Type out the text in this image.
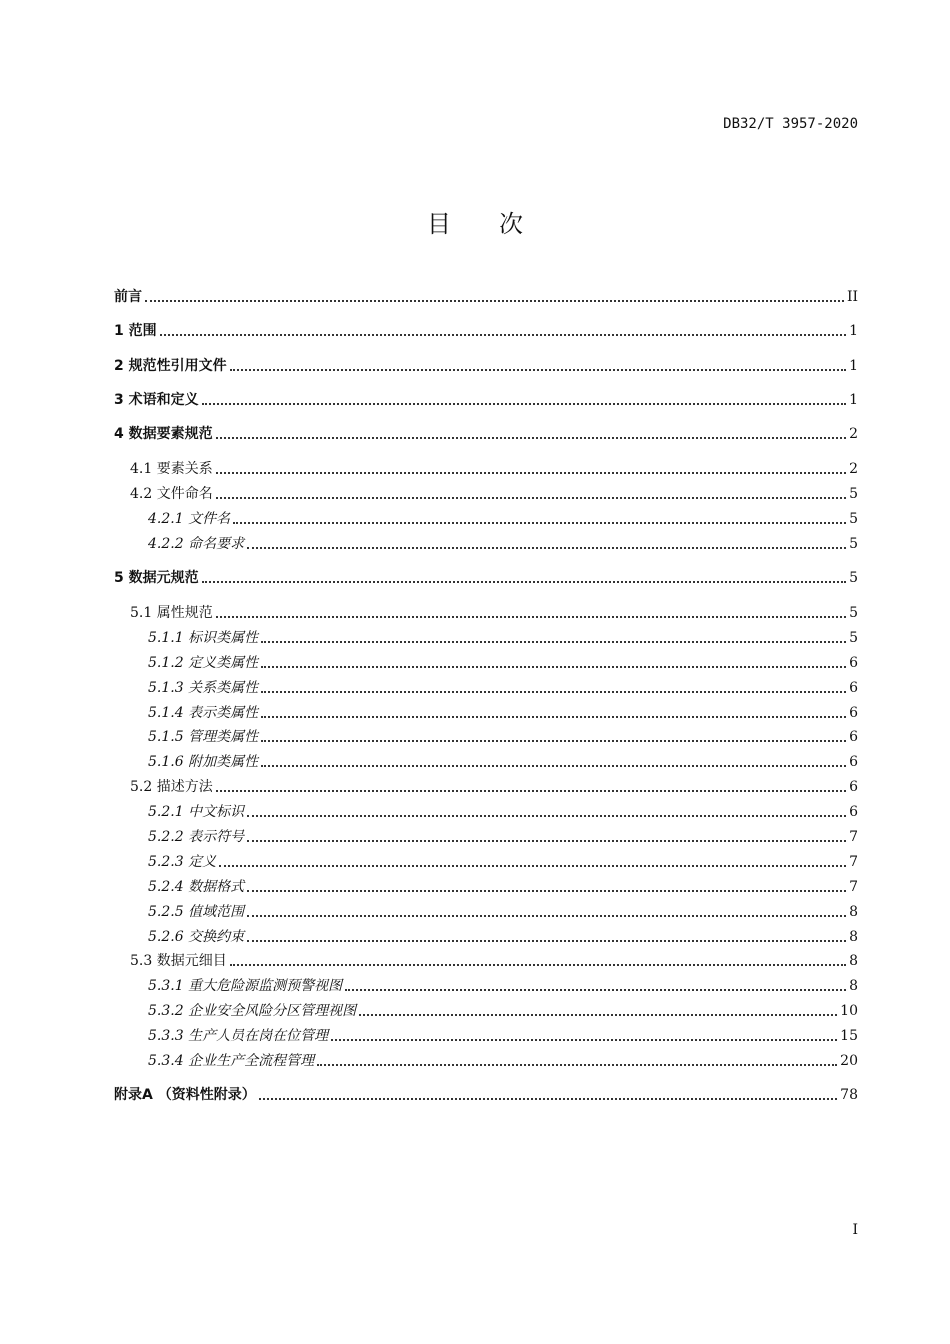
DB32/T 3957-2020
目次
前言	II
1 范围	1
2 规范性引用文件	1
3 术语和定义	1
4 数据要素规范	2
4.1 要素关系	2
4.2 文件命名	5
4.2.1 文件名	5
4.2.2 命名要求	5
5 数据元规范	5
5.1 属性规范	5
5.1.1 标识类属性	5
5.1.2 定义类属性	6
5.1.3 关系类属性	6
5.1.4 表示类属性	6
5.1.5 管理类属性	6
5.1.6 附加类属性	6
5.2 描述方法	6
5.2.1 中文标识	6
5.2.2 表示符号	7
5.2.3 定义	7
5.2.4 数据格式	7
5.2.5 值域范围	8
5.2.6 交换约束	8
5.3 数据元细目	8
5.3.1 重大危险源监测预警视图	8
5.3.2 企业安全风险分区管理视图	10
5.3.3 生产人员在岗在位管理	15
5.3.4 企业生产全流程管理	20
附录A （资料性附录）	78
I
